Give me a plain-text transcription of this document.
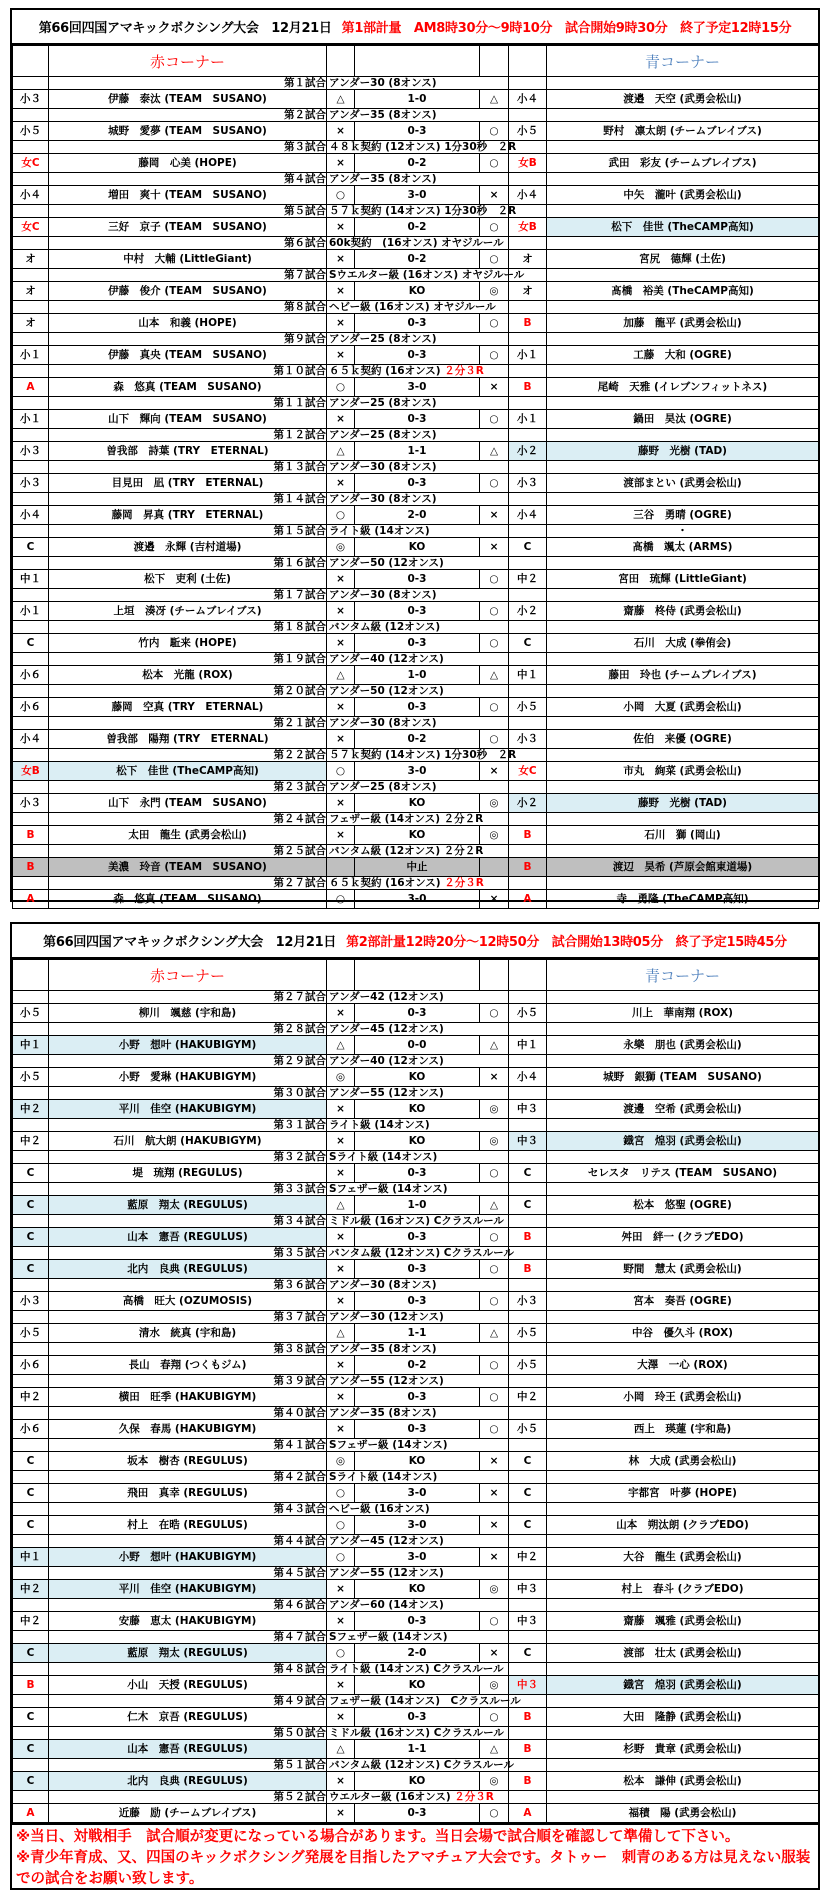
第66回四国アマキックボクシング大会　12月21日 第1部計量　AM8時30分～9時10分　試合開始9時30分　終了予定12時15分
	赤コーナー					青コーナー
	第１試合	アンダー30 (8オンス)				

小３	伊藤　泰汰 (TEAM　SUSANO)	△	1-0	△	小４	渡邉　天空 (武勇会松山)
	第２試合	アンダー35 (8オンス)				

小５	城野　愛夢 (TEAM　SUSANO)	×	0-3	○	小５	野村　凛太朗 (チームブレイブス)
	第３試合	４８ｋ契約 (12オンス) 1分30秒　２R				

女C	藤岡　心美 (HOPE)	×	0-2	○	女B	武田　彩友 (チームブレイブス)
	第４試合	アンダー35 (8オンス)				

小４	増田　爽十 (TEAM　SUSANO)	○	3-0	×	小４	中矢　瀧叶 (武勇会松山)
	第５試合	５７ｋ契約 (14オンス) 1分30秒　２R				

女C	三好　京子 (TEAM　SUSANO)	×	0-2	○	女B	松下　佳世 (TheCAMP高知)
	第６試合	60k契約　(16オンス) オヤジルール				

オ	中村　大輔 (LittleGiant)	×	0-2	○	オ	宮尻　德輝 (土佐)
	第７試合	Sウエルター級 (16オンス) オヤジルール				

オ	伊藤　俊介 (TEAM　SUSANO)	×	KO	◎	オ	髙橋　裕美 (TheCAMP高知)
	第８試合	ヘビー級 (16オンス) オヤジルール				

オ	山本　和義 (HOPE)	×	0-3	○	B	加藤　龍平 (武勇会松山)
	第９試合	アンダー25 (8オンス)				

小１	伊藤　真央 (TEAM　SUSANO)	×	0-3	○	小１	工藤　大和 (OGRE)
	第１０試合	６５ｋ契約 (16オンス) ２分３R				

A	森　悠真 (TEAM　SUSANO)	○	3-0	×	B	尾崎　天雅 (イレブンフィットネス)
	第１１試合	アンダー25 (8オンス)				

小１	山下　輝向 (TEAM　SUSANO)	×	0-3	○	小１	鍋田　昊汰 (OGRE)
	第１２試合	アンダー25 (8オンス)				

小３	曽我部　詩葉 (TRY　ETERNAL)	△	1-1	△	小２	藤野　光樹 (TAD)
	第１３試合	アンダー30 (8オンス)				

小３	目見田　凪 (TRY　ETERNAL)	×	0-3	○	小３	渡部まとい (武勇会松山)
	第１４試合	アンダー30 (8オンス)				

小４	藤岡　昇真 (TRY　ETERNAL)	○	2-0	×	小４	三谷　勇晴 (OGRE)
	第１５試合	ライト級 (14オンス)				・
C	渡邉　永輝 (吉村道場)	◎	KO	×	C	髙橋　颯太 (ARMS)
	第１６試合	アンダー50 (12オンス)				

中１	松下　吏利 (土佐)	×	0-3	○	中２	宮田　琉輝 (LittleGiant)
	第１７試合	アンダー30 (8オンス)				

小１	上垣　湊冴 (チームブレイブス)	×	0-3	○	小２	齋藤　柊侍 (武勇会松山)
	第１８試合	バンタム級 (12オンス)				

C	竹内　駈来 (HOPE)	×	0-3	○	C	石川　大成 (拳侑会)
	第１９試合	アンダー40 (12オンス)				

小６	松本　光龍 (ROX)	△	1-0	△	中１	藤田　玲也 (チームブレイブス)
	第２０試合	アンダー50 (12オンス)				

小６	藤岡　空真 (TRY　ETERNAL)	×	0-3	○	小５	小岡　大夏 (武勇会松山)
	第２１試合	アンダー30 (8オンス)				

小４	曽我部　陽翔 (TRY　ETERNAL)	×	0-2	○	小３	佐伯　来優 (OGRE)
	第２２試合	５７ｋ契約 (14オンス) 1分30秒　２R				

女B	松下　佳世 (TheCAMP高知)	○	3-0	×	女C	市丸　絢菜 (武勇会松山)
	第２３試合	アンダー25 (8オンス)				

小３	山下　永門 (TEAM　SUSANO)	×	KO	◎	小２	藤野　光樹 (TAD)
	第２４試合	フェザー級 (14オンス) ２分２R				

B	太田　龍生 (武勇会松山)	×	KO	◎	B	石川　獅 (岡山)
	第２５試合	バンタム級 (12オンス) ２分２R				

B	美濃　玲音 (TEAM　SUSANO)		中止		B	渡辺　昊希 (芦原会館東道場)
	第２７試合	６５ｋ契約 (16オンス) ２分３R				

A	森　悠真 (TEAM　SUSANO)	○	3-0	×	A	寺　勇隆 (TheCAMP高知)
第66回四国アマキックボクシング大会　12月21日 第2部計量12時20分～12時50分　試合開始13時05分　終了予定15時45分
	赤コーナー					青コーナー
	第２７試合	アンダー42 (12オンス)				

小５	柳川　颯慈 (宇和島)	×	0-3	○	小５	川上　華南翔 (ROX)
	第２８試合	アンダー45 (12オンス)				

中１	小野　想叶 (HAKUBIGYM)	△	0-0	△	中１	永樂　朋也 (武勇会松山)
	第２９試合	アンダー40 (12オンス)				

小５	小野　愛琳 (HAKUBIGYM)	◎	KO	×	小４	城野　銀獅 (TEAM　SUSANO)
	第３０試合	アンダー55 (12オンス)				

中２	平川　佳空 (HAKUBIGYM)	×	KO	◎	中３	渡邊　空希 (武勇会松山)
	第３１試合	ライト級 (14オンス)				

中２	石川　航大朗 (HAKUBIGYM)	×	KO	◎	中３	鐡宮　煌羽 (武勇会松山)
	第３２試合	Sライト級 (14オンス)				

C	堤　琉翔 (REGULUS)	×	0-3	○	C	セレスタ　リテス (TEAM　SUSANO)
	第３３試合	Sフェザー級 (14オンス)				

C	藍原　翔太 (REGULUS)	△	1-0	△	C	松本　悠聖 (OGRE)
	第３４試合	ミドル級 (16オンス) Cクラスルール				

C	山本　憲吾 (REGULUS)	×	0-3	○	B	舛田　絆一 (クラブEDO)
	第３５試合	バンタム級 (12オンス) Cクラスルール				

C	北内　良典 (REGULUS)	×	0-3	○	B	野間　慧太 (武勇会松山)
	第３６試合	アンダー30 (8オンス)				

小３	高橋　旺大 (OZUMOSIS)	×	0-3	○	小３	宮本　奏吾 (OGRE)
	第３７試合	アンダー30 (12オンス)				

小５	清水　統真 (宇和島)	△	1-1	△	小５	中谷　優久斗 (ROX)
	第３８試合	アンダー35 (8オンス)				

小６	長山　春翔 (つくもジム)	×	0-2	○	小５	大澤　一心 (ROX)
	第３９試合	アンダー55 (12オンス)				

中２	横田　旺季 (HAKUBIGYM)	×	0-3	○	中２	小岡　玲王 (武勇会松山)
	第４０試合	アンダー35 (8オンス)				

小６	久保　春馬 (HAKUBIGYM)	×	0-3	○	小５	西上　瑛蓮 (宇和島)
	第４１試合	Sフェザー級 (14オンス)				

C	坂本　樹杏 (REGULUS)	◎	KO	×	C	林　大成 (武勇会松山)
	第４２試合	Sライト級 (14オンス)				

C	飛田　真幸 (REGULUS)	○	3-0	×	C	宇都宮　叶夢 (HOPE)
	第４３試合	ヘビー級 (16オンス)				

C	村上　在晧 (REGULUS)	○	3-0	×	C	山本　朔汰朗 (クラブEDO)
	第４４試合	アンダー45 (12オンス)				

中１	小野　想叶 (HAKUBIGYM)	○	3-0	×	中２	大谷　龍生 (武勇会松山)
	第４５試合	アンダー55 (12オンス)				

中２	平川　佳空 (HAKUBIGYM)	×	KO	◎	中３	村上　春斗 (クラブEDO)
	第４６試合	アンダー60 (14オンス)				

中２	安藤　恵太 (HAKUBIGYM)	×	0-3	○	中３	齋藤　颯雅 (武勇会松山)
	第４７試合	Sフェザー級 (14オンス)				

C	藍原　翔太 (REGULUS)	○	2-0	×	C	渡部　壮太 (武勇会松山)
	第４８試合	ライト級 (14オンス) Cクラスルール				

B	小山　天授 (REGULUS)	×	KO	◎	中３	鐡宮　煌羽 (武勇会松山)
	第４９試合	フェザー級 (14オンス)　Cクラスルール				

C	仁木　京吾 (REGULUS)	×	0-3	○	B	大田　隆静 (武勇会松山)
	第５０試合	ミドル級 (16オンス) Cクラスルール				

C	山本　憲吾 (REGULUS)	△	1-1	△	B	杉野　貴章 (武勇会松山)
	第５１試合	バンタム級 (12オンス) Cクラスルール				

C	北内　良典 (REGULUS)	×	KO	◎	B	松本　謙伸 (武勇会松山)
	第５２試合	ウエルター級 (16オンス) ２分３R				

A	近藤　励 (チームブレイブス)	×	0-3	○	A	福積　陽 (武勇会松山)
※当日、対戦相手　試合順が変更になっている場合があります。当日会場で試合順を確認して準備して下さい。
※青少年育成、又、四国のキックボクシング発展を目指したアマチュア大会です。タトゥー　刺青のある方は見えない服装での試合をお願い致します。
